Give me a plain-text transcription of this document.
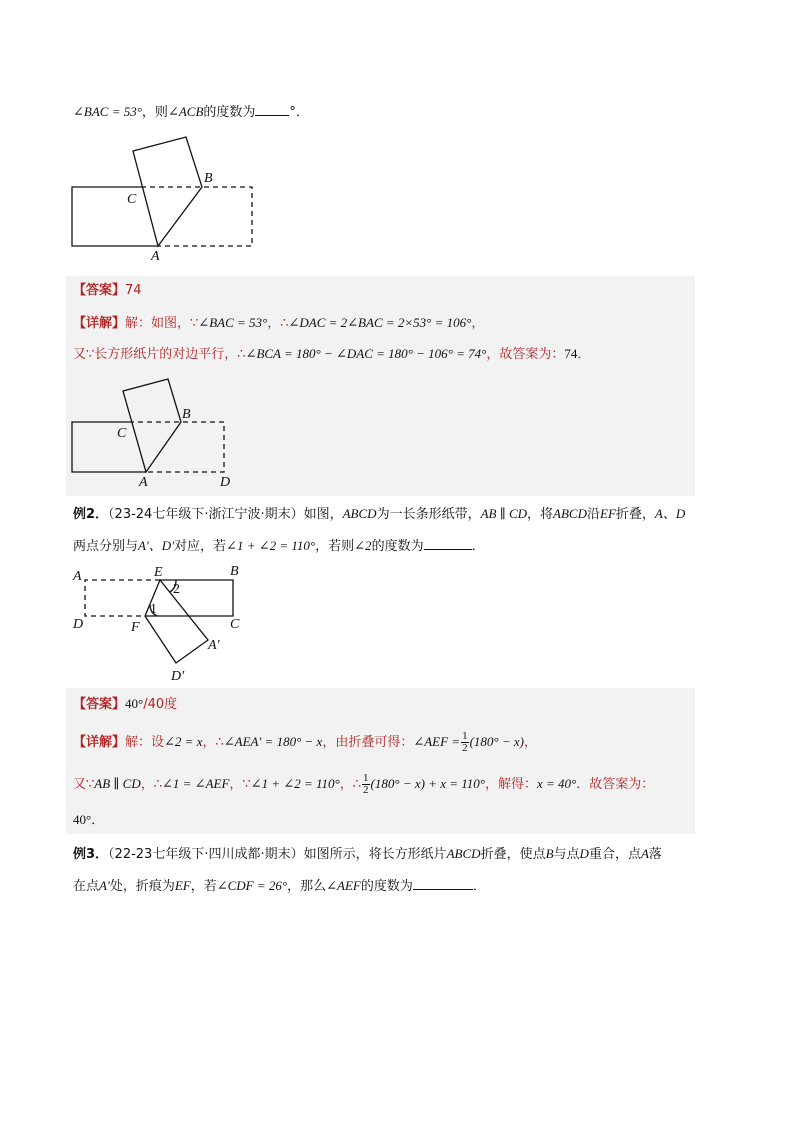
∠BAC = 53°，则∠ACB的度数为	°．
B
C
A
【答案】74
【详解】解：如图，∵∠BAC = 53°，∴∠DAC = 2∠BAC = 2×53° = 106°，
又∵长方形纸片的对边平行，∴∠BCA = 180° − ∠DAC = 180° − 106° = 74°，故答案为：74．
B
C
A	D
例2．（23-24七年级下·浙江宁波·期末）如图，ABCD为一长条形纸带，AB ∥ CD，将ABCD沿EF折叠，A、D
两点分别与A′、D′对应，若∠1 + ∠2 = 110°，若则∠2的度数为	．
A	E	B
2
1
D	F	C
A′
D′
【答案】40°/40度
【详解】解：设∠2 = x，∴∠AEA′ = 180° − x，由折叠可得：∠AEF = $\frac{1}{2} (180^\circ - x)$，
又∵AB ∥ CD，∴∠1 = ∠AEF，∵∠1 + ∠2 = 110°，∴ $\frac{1}{2} (180^\circ - x) + x = 110^\circ$，解得：x = 40°．故答案为：
40°．
例3．（22-23七年级下·四川成都·期末）如图所示，将长方形纸片ABCD折叠，使点B与点D重合，点A落
在点A′处，折痕为EF，若∠CDF = 26°，那么∠AEF的度数为	．
